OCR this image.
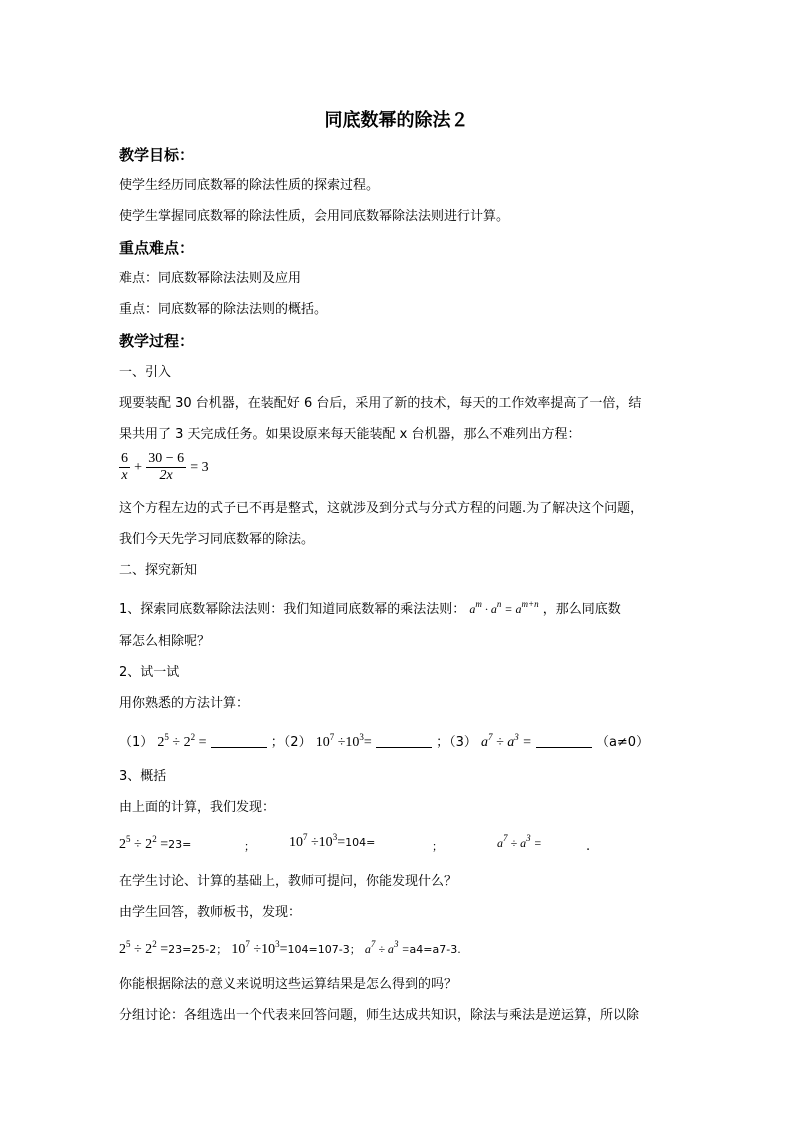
同底数幂的除法２
教学目标：
使学生经历同底数幂的除法性质的探索过程。
使学生掌握同底数幂的除法性质，会用同底数幂除法法则进行计算。
重点难点：
难点：同底数幂除法法则及应用
重点：同底数幂的除法法则的概括。
教学过程：
一、引入
现要装配 30 台机器，在装配好 6 台后，采用了新的技术，每天的工作效率提高了一倍，结
果共用了 3 天完成任务。如果设原来每天能装配 x 台机器，那么不难列出方程：
$\frac{6}{x} + \frac{30 - 6}{2x} = 3$
这个方程左边的式子已不再是整式，这就涉及到分式与分式方程的问题.为了解决这个问题，
我们今天先学习同底数幂的除法。
二、探究新知
1、探索同底数幂除法法则：我们知道同底数幂的乘法法则： $a^m \cdot a^n = a^{m+n}$ ，那么同底数
幂怎么相除呢？
2、试一试
用你熟悉的方法计算：
（1） $2^5 \div 2^2$ =	；（2） $10^7 \div 10^3=$	；（3） $a^7 \div a^3$ =	（a≠0）
3、概括
由上面的计算，我们发现：
$2^5 \div 2^2 =23=$	； $10^7 \div 10^3=104=$	；	$a^7 \div a^3$ =	.
在学生讨论、计算的基础上，教师可提问，你能发现什么？
由学生回答，教师板书，发现：
$2^5 \div 2^2 =23=25-2$； $10^7 \div 10^3=104=107-3$； $a^7 \div a^3 =a4=a7-3$.
你能根据除法的意义来说明这些运算结果是怎么得到的吗？
分组讨论：各组选出一个代表来回答问题，师生达成共知识，除法与乘法是逆运算，所以除
